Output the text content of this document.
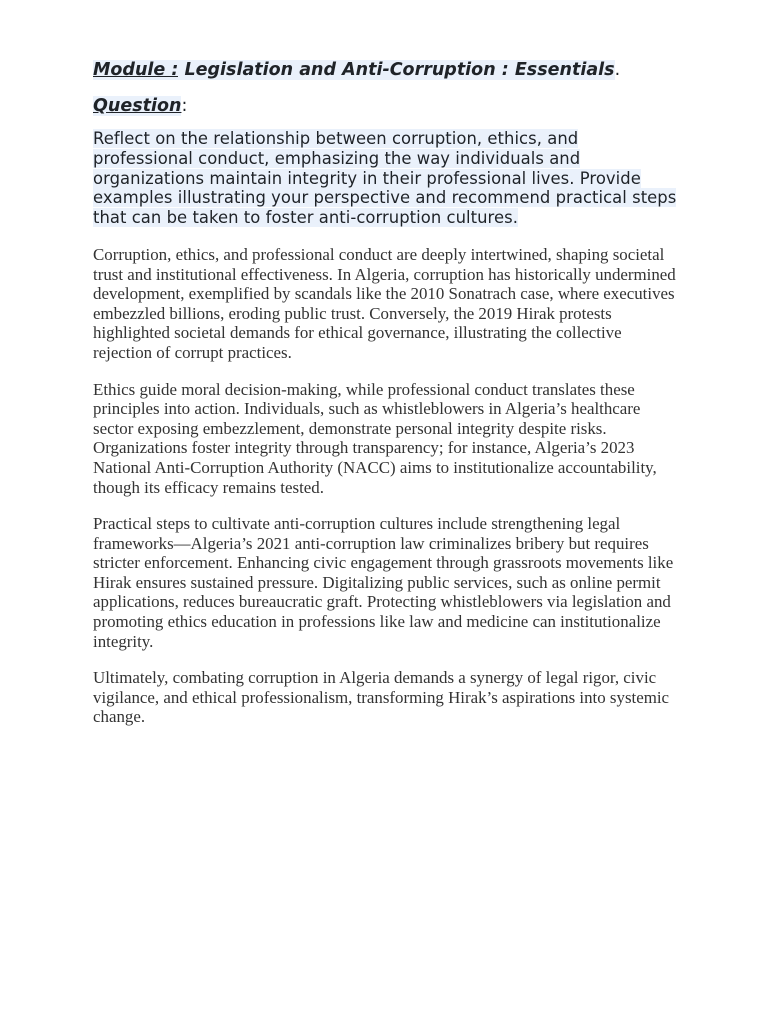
Module : Legislation and Anti-Corruption : Essentials.

Question:

Reflect on the relationship between corruption, ethics, and professional conduct, emphasizing the way individuals and organizations maintain integrity in their professional lives. Provide examples illustrating your perspective and recommend practical steps that can be taken to foster anti-corruption cultures.

Corruption, ethics, and professional conduct are deeply intertwined, shaping societal trust and institutional effectiveness. In Algeria, corruption has historically undermined development, exemplified by scandals like the 2010 Sonatrach case, where executives embezzled billions, eroding public trust. Conversely, the 2019 Hirak protests highlighted societal demands for ethical governance, illustrating the collective rejection of corrupt practices.

Ethics guide moral decision-making, while professional conduct translates these principles into action. Individuals, such as whistleblowers in Algeria’s healthcare sector exposing embezzlement, demonstrate personal integrity despite risks. Organizations foster integrity through transparency; for instance, Algeria’s 2023 National Anti-Corruption Authority (NACC) aims to institutionalize accountability, though its efficacy remains tested.

Practical steps to cultivate anti-corruption cultures include strengthening legal frameworks—Algeria’s 2021 anti-corruption law criminalizes bribery but requires stricter enforcement. Enhancing civic engagement through grassroots movements like Hirak ensures sustained pressure. Digitalizing public services, such as online permit applications, reduces bureaucratic graft. Protecting whistleblowers via legislation and promoting ethics education in professions like law and medicine can institutionalize integrity.

Ultimately, combating corruption in Algeria demands a synergy of legal rigor, civic vigilance, and ethical professionalism, transforming Hirak’s aspirations into systemic change.
